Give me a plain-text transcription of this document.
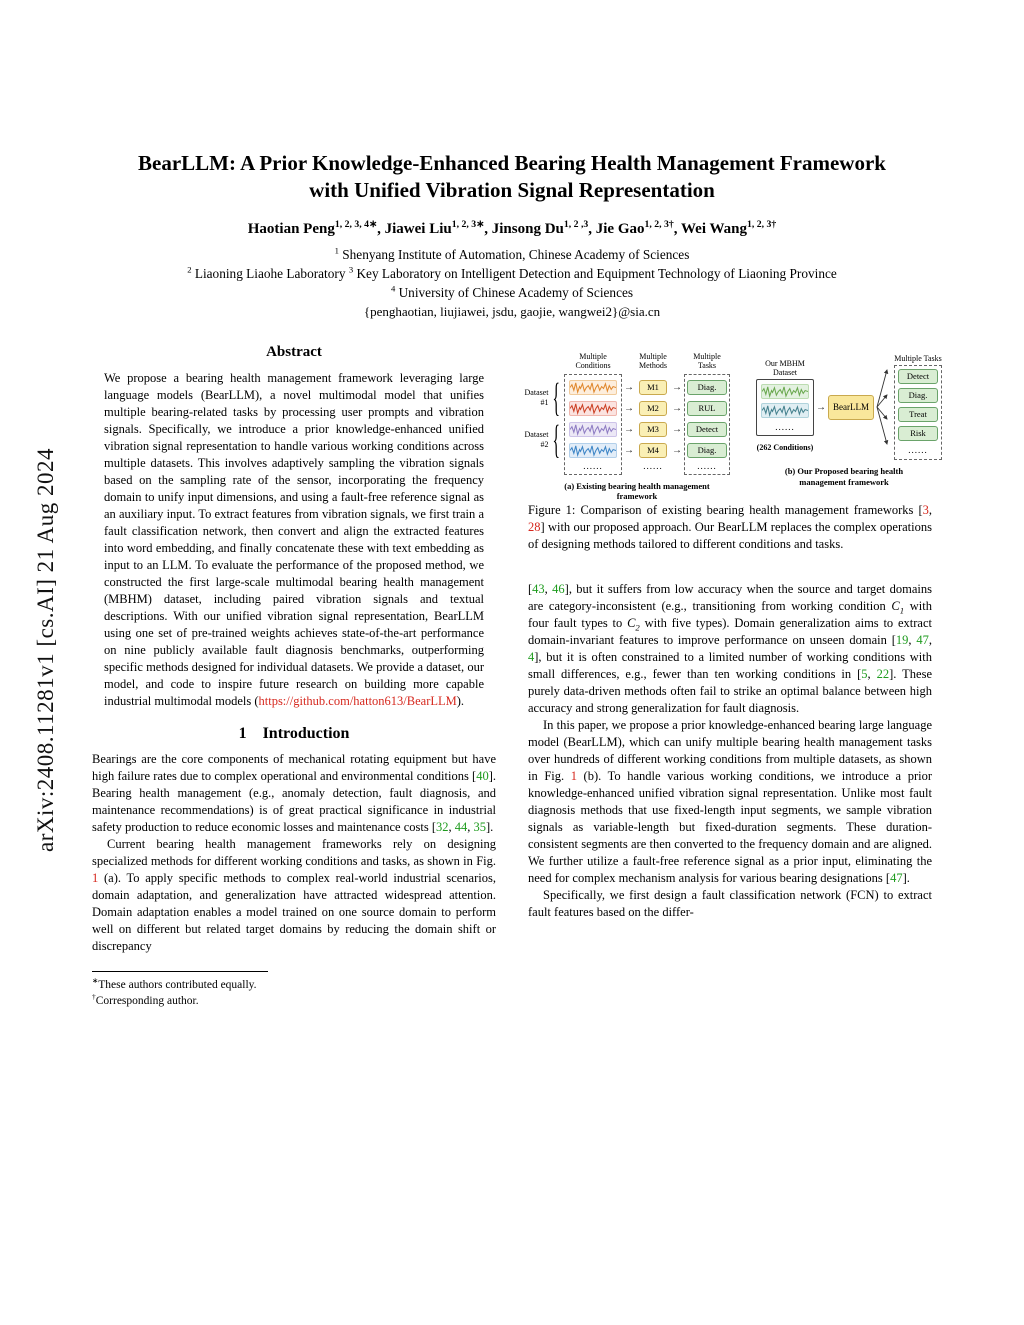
arXiv:2408.11281v1 [cs.AI] 21 Aug 2024
BearLLM: A Prior Knowledge-Enhanced Bearing Health Management Framework with Unified Vibration Signal Representation
Haotian Peng$^{1, 2, 3, 4∗}$, Jiawei Liu$^{1, 2, 3∗}$, Jinsong Du$^{1, 2 ,3}$, Jie Gao$^{1, 2, 3\dagger}$, Wei Wang$^{1, 2, 3\dagger}$
$^1$ Shenyang Institute of Automation, Chinese Academy of Sciences
$^2$ Liaoning Liaohe Laboratory $^3$ Key Laboratory on Intelligent Detection and Equipment Technology of Liaoning Province
$^4$ University of Chinese Academy of Sciences
{penghaotian, liujiawei, jsdu, gaojie, wangwei2}@sia.cn
Abstract

We propose a bearing health management framework leveraging large language models (BearLLM), a novel multimodal model that unifies multiple bearing-related tasks by processing user prompts and vibration signals. Specifically, we introduce a prior knowledge-enhanced unified vibration signal representation to handle various working conditions across multiple datasets. This involves adaptively sampling the vibration signals based on the sampling rate of the sensor, incorporating the frequency domain to unify input dimensions, and using a fault-free reference signal as an auxiliary input. To extract features from vibration signals, we first train a fault classification network, then convert and align the extracted features into word embedding, and finally concatenate these with text embedding as input to an LLM. To evaluate the performance of the proposed method, we constructed the first large-scale multimodal bearing health management (MBHM) dataset, including paired vibration signals and textual descriptions. With our unified vibration signal representation, BearLLM using one set of pre-trained weights achieves state-of-the-art performance on nine publicly available fault diagnosis benchmarks, outperforming specific methods designed for individual datasets. We provide a dataset, our model, and code to inspire future research on building more capable industrial multimodal models (https://github.com/hatton613/BearLLM).

1    Introduction

Bearings are the core components of mechanical rotating equipment but have high failure rates due to complex operational and environmental conditions [40]. Bearing health management (e.g., anomaly detection, fault diagnosis, and maintenance recommendations) is of great practical significance in industrial safety production to reduce economic losses and maintenance costs [32, 44, 35].

Current bearing health management frameworks rely on designing specialized methods for different working conditions and tasks, as shown in Fig. 1 (a). To apply specific methods to complex real-world industrial scenarios, domain adaptation, and generalization have attracted widespread attention. Domain adaptation enables a model trained on one source domain to perform well on different but related target domains by reducing the domain shift or discrepancy

∗These authors contributed equally.
†Corresponding author.
Multiple Conditions
Multiple Methods
Multiple Tasks
Dataset #1 {
Dataset #2 {
......
→
→
→
→
M1
M2
M3
M4
......
→
→
→
→
Diag.
RUL
Detect
Diag.
......
(a) Existing bearing health management framework
Our MBHM Dataset
......
(262 Conditions)
→ BearLLM
Multiple Tasks
Detect
Diag.
Treat
Risk
......
(b) Our Proposed bearing health management framework

Figure 1: Comparison of existing bearing health management frameworks [3, 28] with our proposed approach. Our BearLLM replaces the complex operations of designing methods tailored to different conditions and tasks.

[43, 46], but it suffers from low accuracy when the source and target domains are category-inconsistent (e.g., transitioning from working condition $C_1$ with four fault types to $C_2$ with five types). Domain generalization aims to extract domain-invariant features to improve performance on unseen domain [19, 47, 4], but it is often constrained to a limited number of working conditions with small differences, e.g., fewer than ten working conditions in [5, 22]. These purely data-driven methods often fail to strike an optimal balance between high accuracy and strong generalization for fault diagnosis.

In this paper, we propose a prior knowledge-enhanced bearing large language model (BearLLM), which can unify multiple bearing health management tasks over hundreds of different working conditions from multiple datasets, as shown in Fig. 1 (b). To handle various working conditions, we introduce a prior knowledge-enhanced unified vibration signal representation. Unlike most fault diagnosis methods that use fixed-length input segments, we sample vibration signals as variable-length but fixed-duration segments. These duration-consistent segments are then converted to the frequency domain and are aligned. We further utilize a fault-free reference signal as a prior input, eliminating the need for complex mechanism analysis for various bearing designations [47].

Specifically, we first design a fault classification network (FCN) to extract fault features based on the differ-
